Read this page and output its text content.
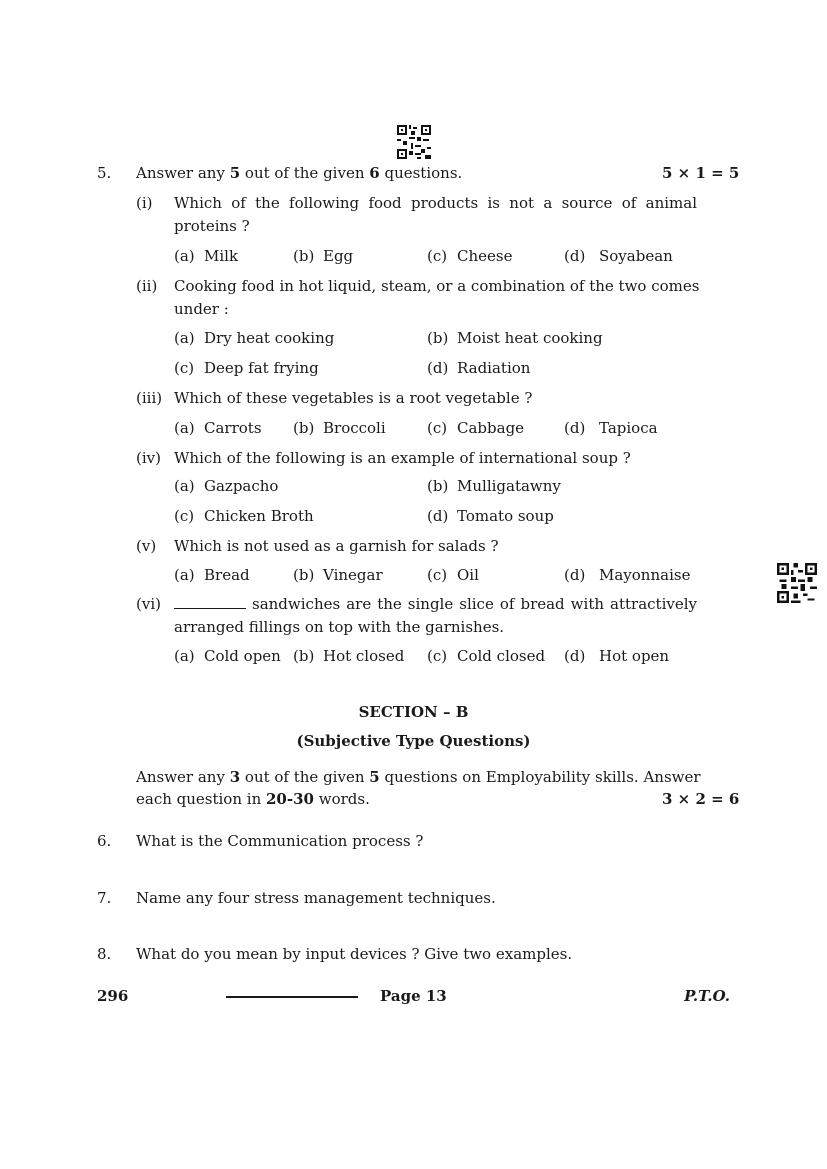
5. Answer any 5 out of the given 6 questions.	5 × 1 = 5
(i) Which of the following food products is not a source of animal
proteins ?
(a) Milk	(b) Egg	(c) Cheese	(d) Soyabean
(ii) Cooking food in hot liquid, steam, or a combination of the two comes
under :
(a) Dry heat cooking	(b) Moist heat cooking
(c) Deep fat frying	(d) Radiation
(iii) Which of these vegetables is a root vegetable ?
(a) Carrots (b) Broccoli	(c) Cabbage	(d) Tapioca
(iv) Which of the following is an example of international soup ?
(a) Gazpacho	(b) Mulligatawny
(c) Chicken Broth	(d) Tomato soup
(v) Which is not used as a garnish for salads ?
(a) Bread	(b) Vinegar	(c) Oil	(d) Mayonnaise
(vi)	sandwiches are the single slice of bread with attractively
arranged fillings on top with the garnishes.
(a) Cold open (b) Hot closed (c) Cold closed (d) Hot open
SECTION – B
(Subjective Type Questions)
Answer any 3 out of the given 5 questions on Employability skills. Answer
each question in 20-30 words.	3 × 2 = 6
6. What is the Communication process ?
7. Name any four stress management techniques.
8. What do you mean by input devices ? Give two examples.
296	Page 13	P.T.O.
